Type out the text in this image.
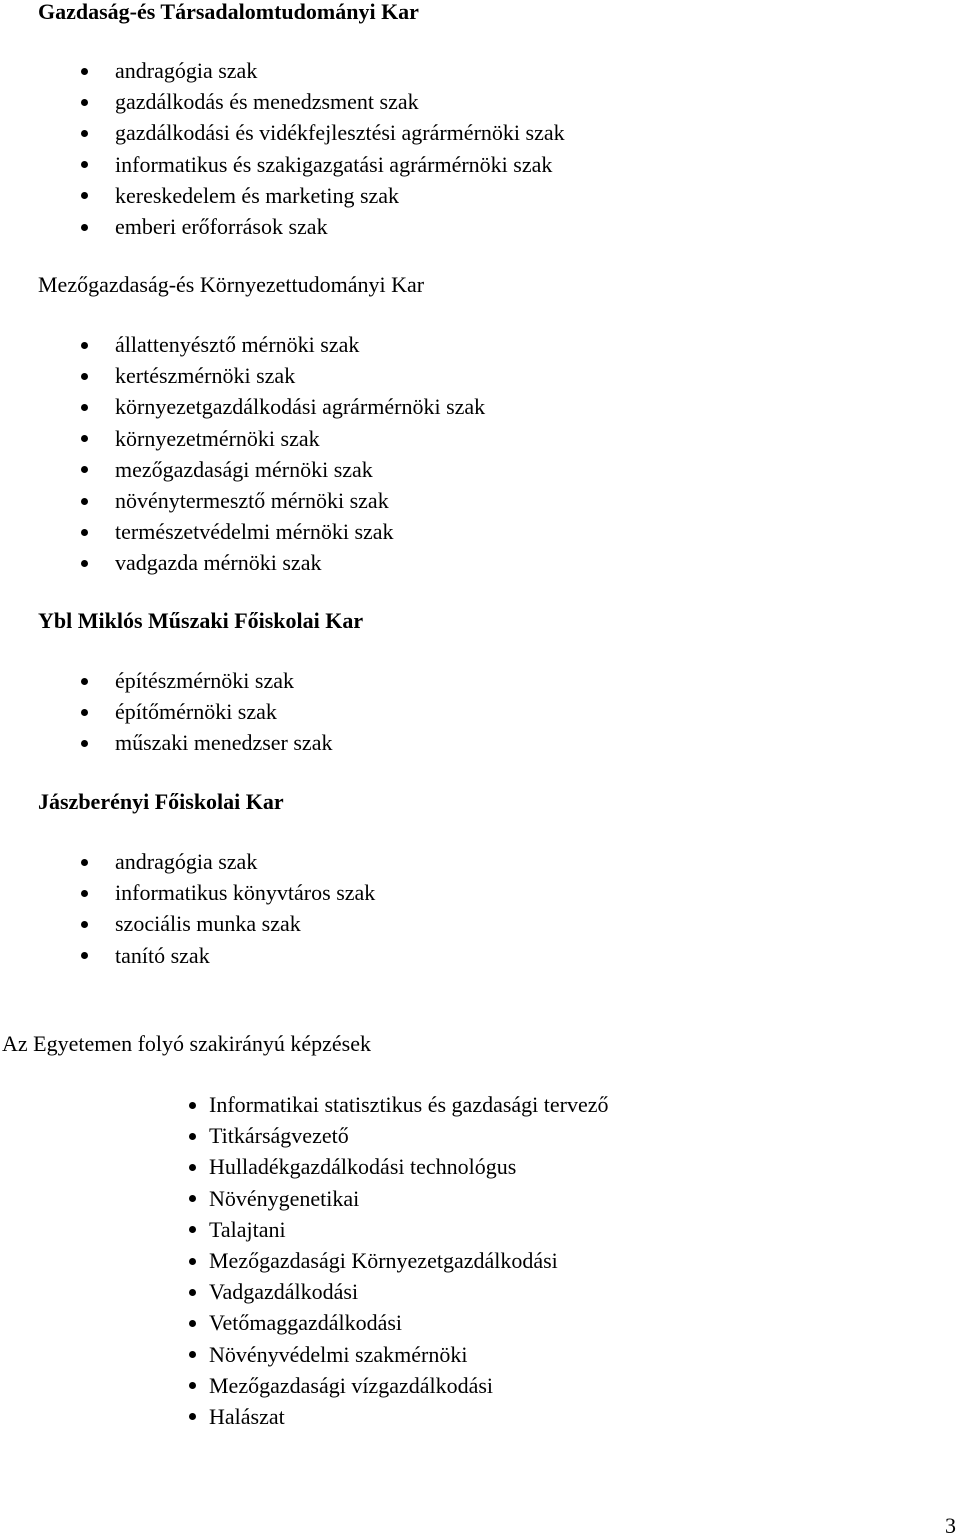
Gazdaság-és Társadalomtudományi Kar
andragógia szak
gazdálkodás és menedzsment szak
gazdálkodási és vidékfejlesztési agrármérnöki szak
informatikus és szakigazgatási agrármérnöki szak
kereskedelem és marketing szak
emberi erőforrások szak
Mezőgazdaság-és Környezettudományi Kar
állattenyésztő mérnöki szak
kertészmérnöki szak
környezetgazdálkodási agrármérnöki szak
környezetmérnöki szak
mezőgazdasági mérnöki szak
növénytermesztő mérnöki szak
természetvédelmi mérnöki szak
vadgazda mérnöki szak
Ybl Miklós Műszaki Főiskolai Kar
építészmérnöki szak
építőmérnöki szak
műszaki menedzser szak
Jászberényi Főiskolai Kar
andragógia szak
informatikus könyvtáros szak
szociális munka szak
tanító szak
Az Egyetemen folyó szakirányú képzések
Informatikai statisztikus és gazdasági tervező
Titkárságvezető
Hulladékgazdálkodási technológus
Növénygenetikai
Talajtani
Mezőgazdasági Környezetgazdálkodási
Vadgazdálkodási
Vetőmaggazdálkodási
Növényvédelmi szakmérnöki
Mezőgazdasági vízgazdálkodási
Halászat
3
